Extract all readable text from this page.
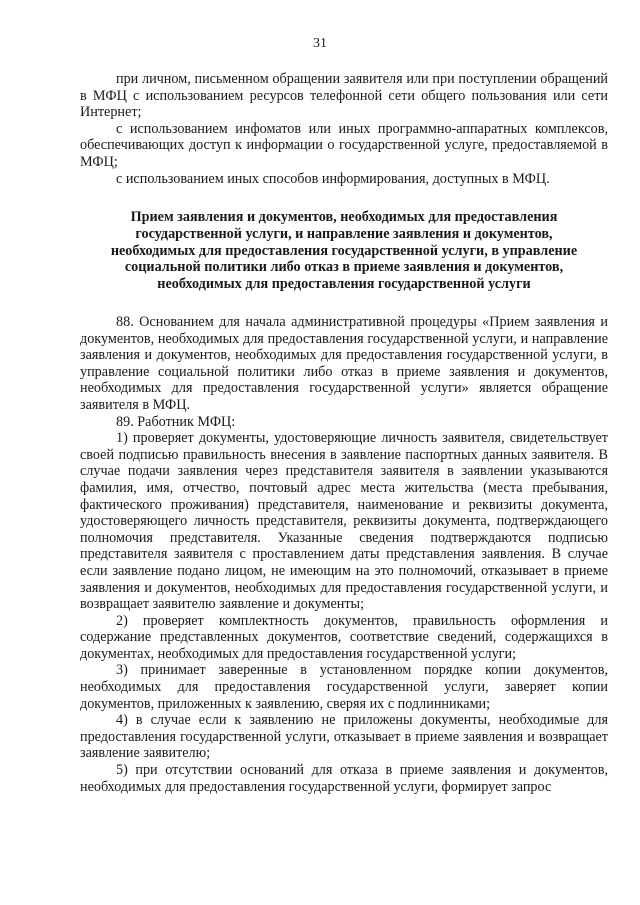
31

при личном, письменном обращении заявителя или при поступлении обращений в МФЦ с использованием ресурсов телефонной сети общего пользования или сети Интернет;

с использованием инфоматов или иных программно-аппаратных комплексов, обеспечивающих доступ к информации о государственной услуге, предоставляемой в МФЦ;

с использованием иных способов информирования, доступных в МФЦ.

Прием заявления и документов, необходимых для предоставления государственной услуги, и направление заявления и документов, необходимых для предоставления государственной услуги, в управление социальной политики либо отказ в приеме заявления и документов, необходимых для предоставления государственной услуги

88. Основанием для начала административной процедуры «Прием заявления и документов, необходимых для предоставления государственной услуги, и направление заявления и документов, необходимых для предоставления государственной услуги, в управление социальной политики либо отказ в приеме заявления и документов, необходимых для предоставления государственной услуги» является обращение заявителя в МФЦ.

89. Работник МФЦ:

1) проверяет документы, удостоверяющие личность заявителя, свидетельствует своей подписью правильность внесения в заявление паспортных данных заявителя. В случае подачи заявления через представителя заявителя в заявлении указываются фамилия, имя, отчество, почтовый адрес места жительства (места пребывания, фактического проживания) представителя, наименование и реквизиты документа, удостоверяющего личность представителя, реквизиты документа, подтверждающего полномочия представителя. Указанные сведения подтверждаются подписью представителя заявителя с проставлением даты представления заявления. В случае если заявление подано лицом, не имеющим на это полномочий, отказывает в приеме заявления и документов, необходимых для предоставления государственной услуги, и возвращает заявителю заявление и документы;

2) проверяет комплектность документов, правильность оформления и содержание представленных документов, соответствие сведений, содержащихся в документах, необходимых для предоставления государственной услуги;

3) принимает заверенные в установленном порядке копии документов, необходимых для предоставления государственной услуги, заверяет копии документов, приложенных к заявлению, сверяя их с подлинниками;

4) в случае если к заявлению не приложены документы, необходимые для предоставления государственной услуги, отказывает в приеме заявления и возвращает заявление заявителю;

5) при отсутствии оснований для отказа в приеме заявления и документов, необходимых для предоставления государственной услуги, формирует запрос
